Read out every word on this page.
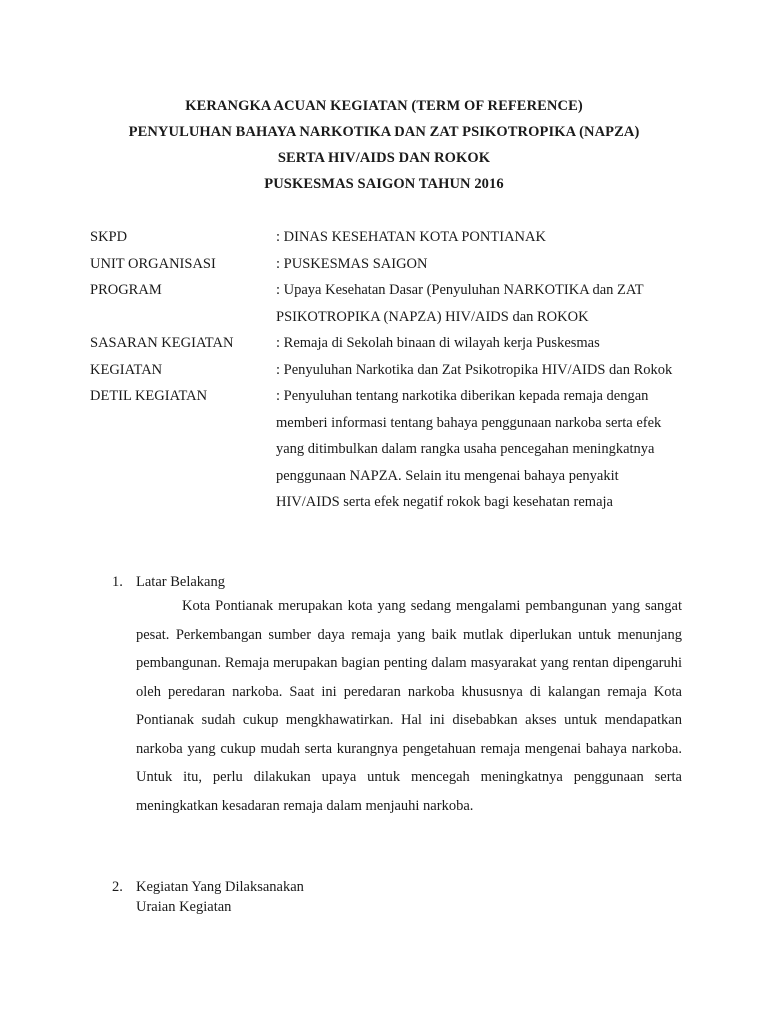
KERANGKA ACUAN KEGIATAN (TERM OF REFERENCE)
PENYULUHAN BAHAYA NARKOTIKA DAN ZAT PSIKOTROPIKA (NAPZA)
SERTA HIV/AIDS DAN ROKOK
PUSKESMAS SAIGON TAHUN 2016
SKPD	: DINAS KESEHATAN KOTA PONTIANAK
UNIT ORGANISASI	: PUSKESMAS SAIGON
PROGRAM	: Upaya Kesehatan Dasar (Penyuluhan NARKOTIKA dan ZAT PSIKOTROPIKA (NAPZA) HIV/AIDS dan ROKOK
SASARAN KEGIATAN	: Remaja di Sekolah binaan di wilayah kerja Puskesmas
KEGIATAN	: Penyuluhan Narkotika dan Zat Psikotropika HIV/AIDS dan Rokok
DETIL KEGIATAN	: Penyuluhan tentang narkotika diberikan kepada remaja dengan memberi informasi tentang bahaya penggunaan narkoba serta efek yang ditimbulkan dalam rangka usaha pencegahan meningkatnya penggunaan NAPZA. Selain itu mengenai bahaya penyakit HIV/AIDS serta efek negatif rokok bagi kesehatan remaja
1. Latar Belakang

Kota Pontianak merupakan kota yang sedang mengalami pembangunan yang sangat pesat. Perkembangan sumber daya remaja yang baik mutlak diperlukan untuk menunjang pembangunan. Remaja merupakan bagian penting dalam masyarakat yang rentan dipengaruhi oleh peredaran narkoba. Saat ini peredaran narkoba khususnya di kalangan remaja Kota Pontianak sudah cukup mengkhawatirkan. Hal ini disebabkan akses untuk mendapatkan narkoba yang cukup mudah serta kurangnya pengetahuan remaja mengenai bahaya narkoba. Untuk itu, perlu dilakukan upaya untuk mencegah meningkatnya penggunaan serta meningkatkan kesadaran remaja dalam menjauhi narkoba.

2. Kegiatan Yang Dilaksanakan
Uraian Kegiatan
